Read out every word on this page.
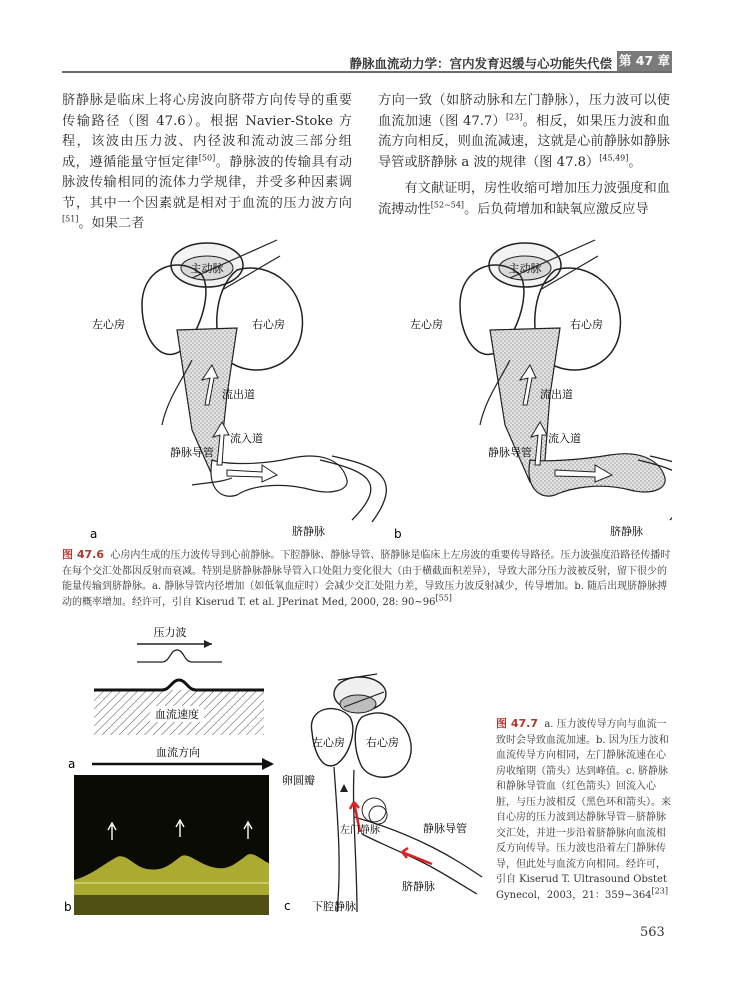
静脉血流动力学：宫内发育迟缓与心功能失代偿 第 47 章

脐静脉是临床上将心房波向脐带方向传导的重要传输路径（图 47.6）。根据 Navier-Stoke 方程，该波由压力波、内径波和流动波三部分组成，遵循能量守恒定律[50]。静脉波的传输具有动脉波传输相同的流体力学规律，并受多种因素调节，其中一个因素就是相对于血流的压力波方向[51]。如果二者

方向一致（如脐动脉和左门静脉），压力波可以使血流加速（图 47.7）[23]。相反，如果压力波和血流方向相反，则血流减速，这就是心前静脉如静脉导管或脐静脉 a 波的规律（图 47.8）[45,49]。

有文献证明，房性收缩可增加压力波强度和血流搏动性[52~54]。后负荷增加和缺氧应激反应导

主动脉
左心房	右心房
流出道
流入道
静脉导管
脐静脉
a
主动脉
左心房	右心房
流出道
流入道
静脉导管
脐静脉
b
图 47.6 心房内生成的压力波传导到心前静脉。下腔静脉、静脉导管、脐静脉是临床上左房波的重要传导路径。压力波强度沿路径传播时在每个交汇处都因反射而衰减。特别是脐静脉静脉导管入口处阻力变化很大（由于横截面积差异），导致大部分压力波被反射，留下很少的能量传输到脐静脉。a. 静脉导管内径增加（如低氧血症时）会减少交汇处阻力差，导致压力波反射减少，传导增加。b. 随后出现脐静脉搏动的概率增加。经许可，引自 Kiserud T. et al. JPerinat Med, 2000, 28: 90~96[55]
压力波
血流速度
血流方向
a
b
左心房 右心房
卵圆瓣
左门静脉	静脉导管
脐静脉
下腔静脉
c
图 47.7 a. 压力波传导方向与血流一致时会导致血流加速。b. 因为压力波和血流传导方向相同，左门静脉流速在心房收缩期（箭头）达到峰值。c. 脐静脉和静脉导管血（红色箭头）回流入心脏，与压力波相反（黑色环和箭头）。来自心房的压力波到达静脉导管－脐静脉交汇处，并进一步沿着脐静脉向血流相反方向传导。压力波也沿着左门静脉传导，但此处与血流方向相同。经许可，引自 Kiserud T. Ultrasound Obstet Gynecol，2003，21：359~364[23]
563
